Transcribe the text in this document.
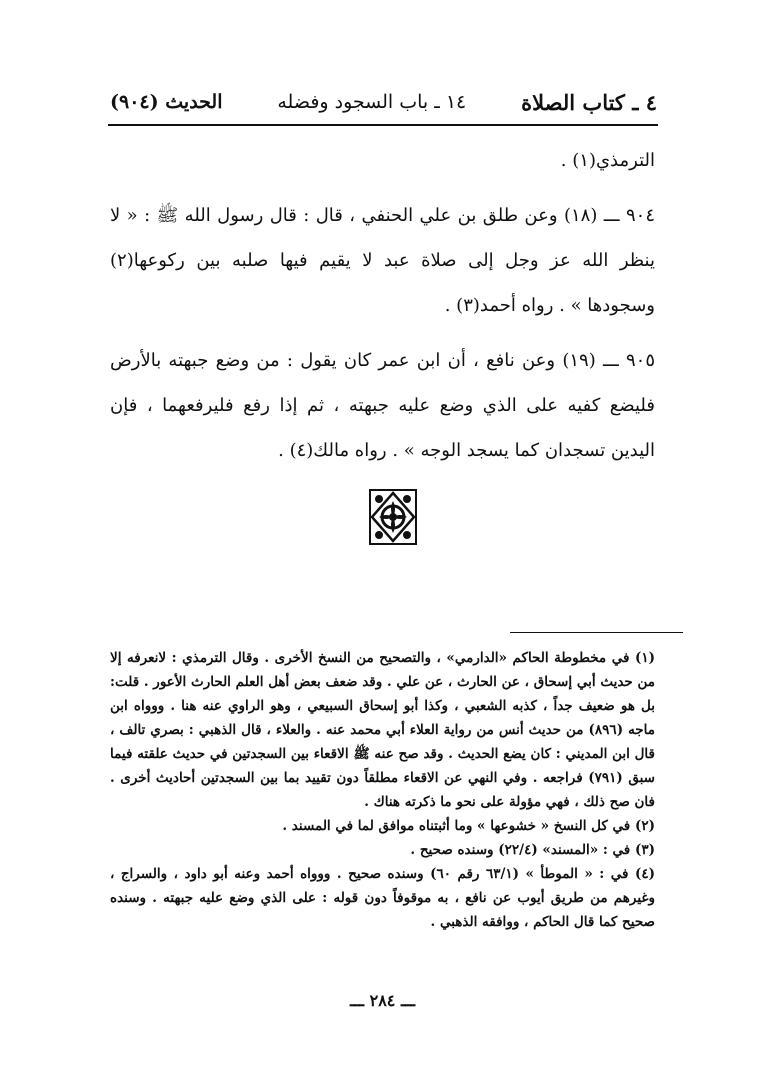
٤ ـ كتاب الصلاة
١٤ ـ باب السجود وفضله
الحديث (٩٠٤)

الترمذي(١) .

٩٠٤ ـــ (١٨) وعن طلق بن علي الحنفي ، قال : قال رسول الله ﷺ : « لا ينظر الله عز وجل إلى صلاة عبد لا يقيم فيها صلبه بين ركوعها(٢) وسجودها » . رواه أحمد(٣) .

٩٠٥ ـــ (١٩) وعن نافع ، أن ابن عمر كان يقول : من وضع جبهته بالأرض فليضع كفيه على الذي وضع عليه جبهته ، ثم إذا رفع فليرفعهما ، فإن اليدين تسجدان كما يسجد الوجه » . رواه مالك(٤) .

(١) في مخطوطة الحاكم «الدارمي» ، والتصحيح من النسخ الأخرى . وقال الترمذي : لانعرفه إلا من حديث أبي إسحاق ، عن الحارث ، عن علي . وقد ضعف بعض أهل العلم الحارث الأعور . قلت: بل هو ضعيف جداً ، كذبه الشعبي ، وكذا أبو إسحاق السبيعي ، وهو الراوي عنه هنا . ووواه ابن ماجه (٨٩٦) من حديث أنس من رواية العلاء أبي محمد عنه . والعلاء ، قال الذهبي : بصري تالف ، قال ابن المديني : كان يضع الحديث . وقد صح عنه ﷺ الاقعاء بين السجدتين في حديث علقته فيما سبق (٧٩١) فراجعه . وفي النهي عن الاقعاء مطلقاً دون تقييد بما بين السجدتين أحاديث أخرى . فان صح ذلك ، فهي مؤولة على نحو ما ذكرته هناك .

(٢) في كل النسخ « خشوعها » وما أثبتناه موافق لما في المسند .

(٣) في : «المسند» (٢٢/٤) وسنده صحيح .

(٤) في : « الموطأ » (٦٣/١ رقم ٦٠) وسنده صحيح . ووواه أحمد وعنه أبو داود ، والسراج ، وغيرهم من طريق أيوب عن نافع ، به موقوفاً دون قوله : على الذي وضع عليه جبهته . وسنده صحيح كما قال الحاكم ، ووافقه الذهبي .

ـــ ٢٨٤ ـــ
